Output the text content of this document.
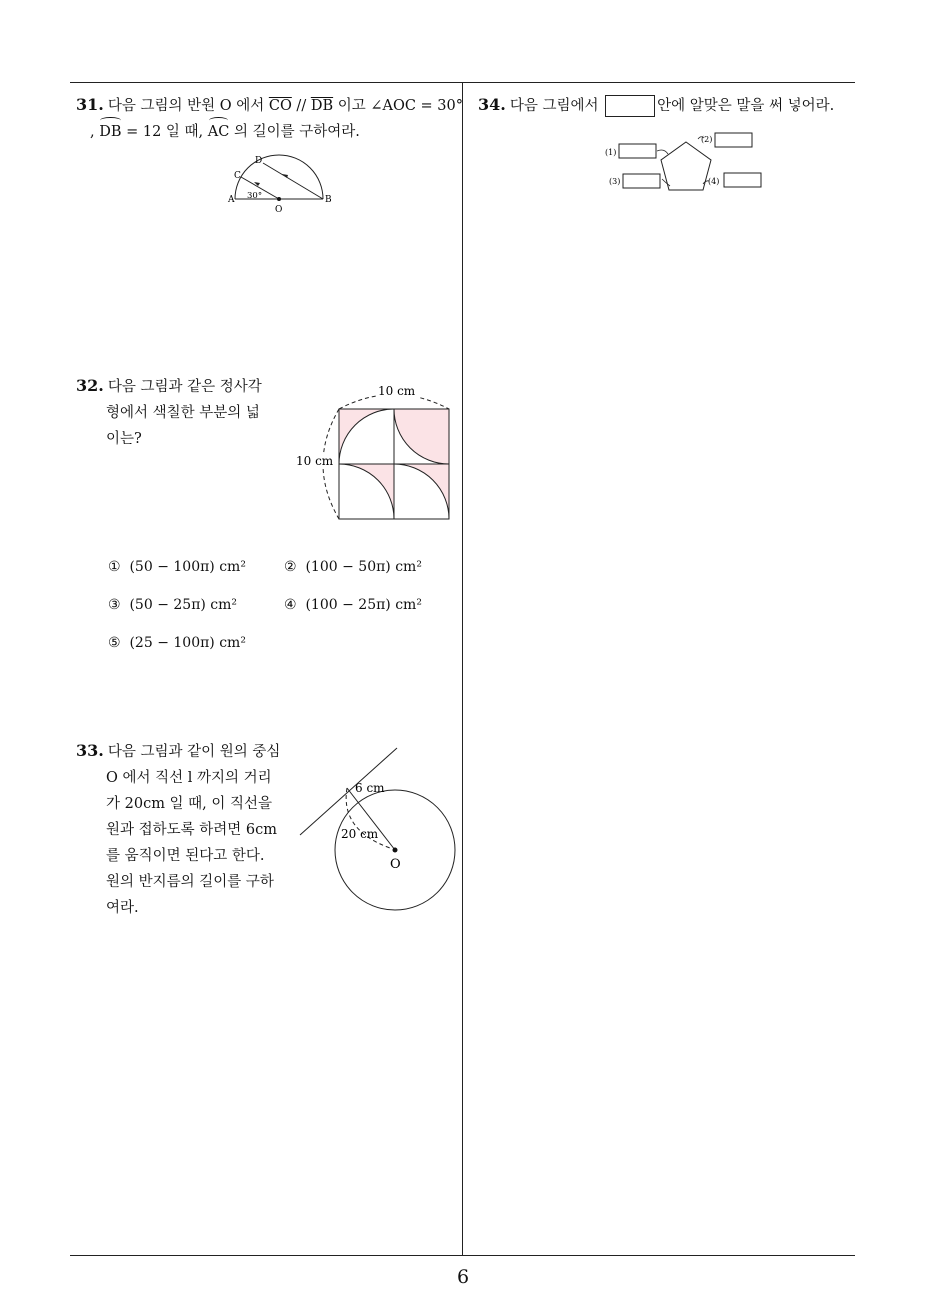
6
31. 다음 그림의 반원 O 에서 $\overline{CO} // \overline{DB}$ 이고 ∠AOC = 30°
, DB = 12 일 때, AC 의 길이를 구하여라.
A	B
C
D
O
30°
32. 다음 그림과 같은 정사각
형에서 색칠한 부분의 넓
이는?
10 cm
10 cm
① (50 − 100π) cm²	② (100 − 50π) cm²
③ (50 − 25π) cm²	④ (100 − 25π) cm²
⑤ (25 − 100π) cm²
33. 다음 그림과 같이 원의 중심
O 에서 직선 l 까지의 거리
가 20cm 일 때, 이 직선을
원과 접하도록 하려면 6cm
를 움직이면 된다고 한다.
원의 반지름의 길이를 구하
여라.
6 cm
20 cm
O
34. 다음 그림에서	안에 알맞은 말을 써 넣어라.
(1)
(2)
(3)	(4)
